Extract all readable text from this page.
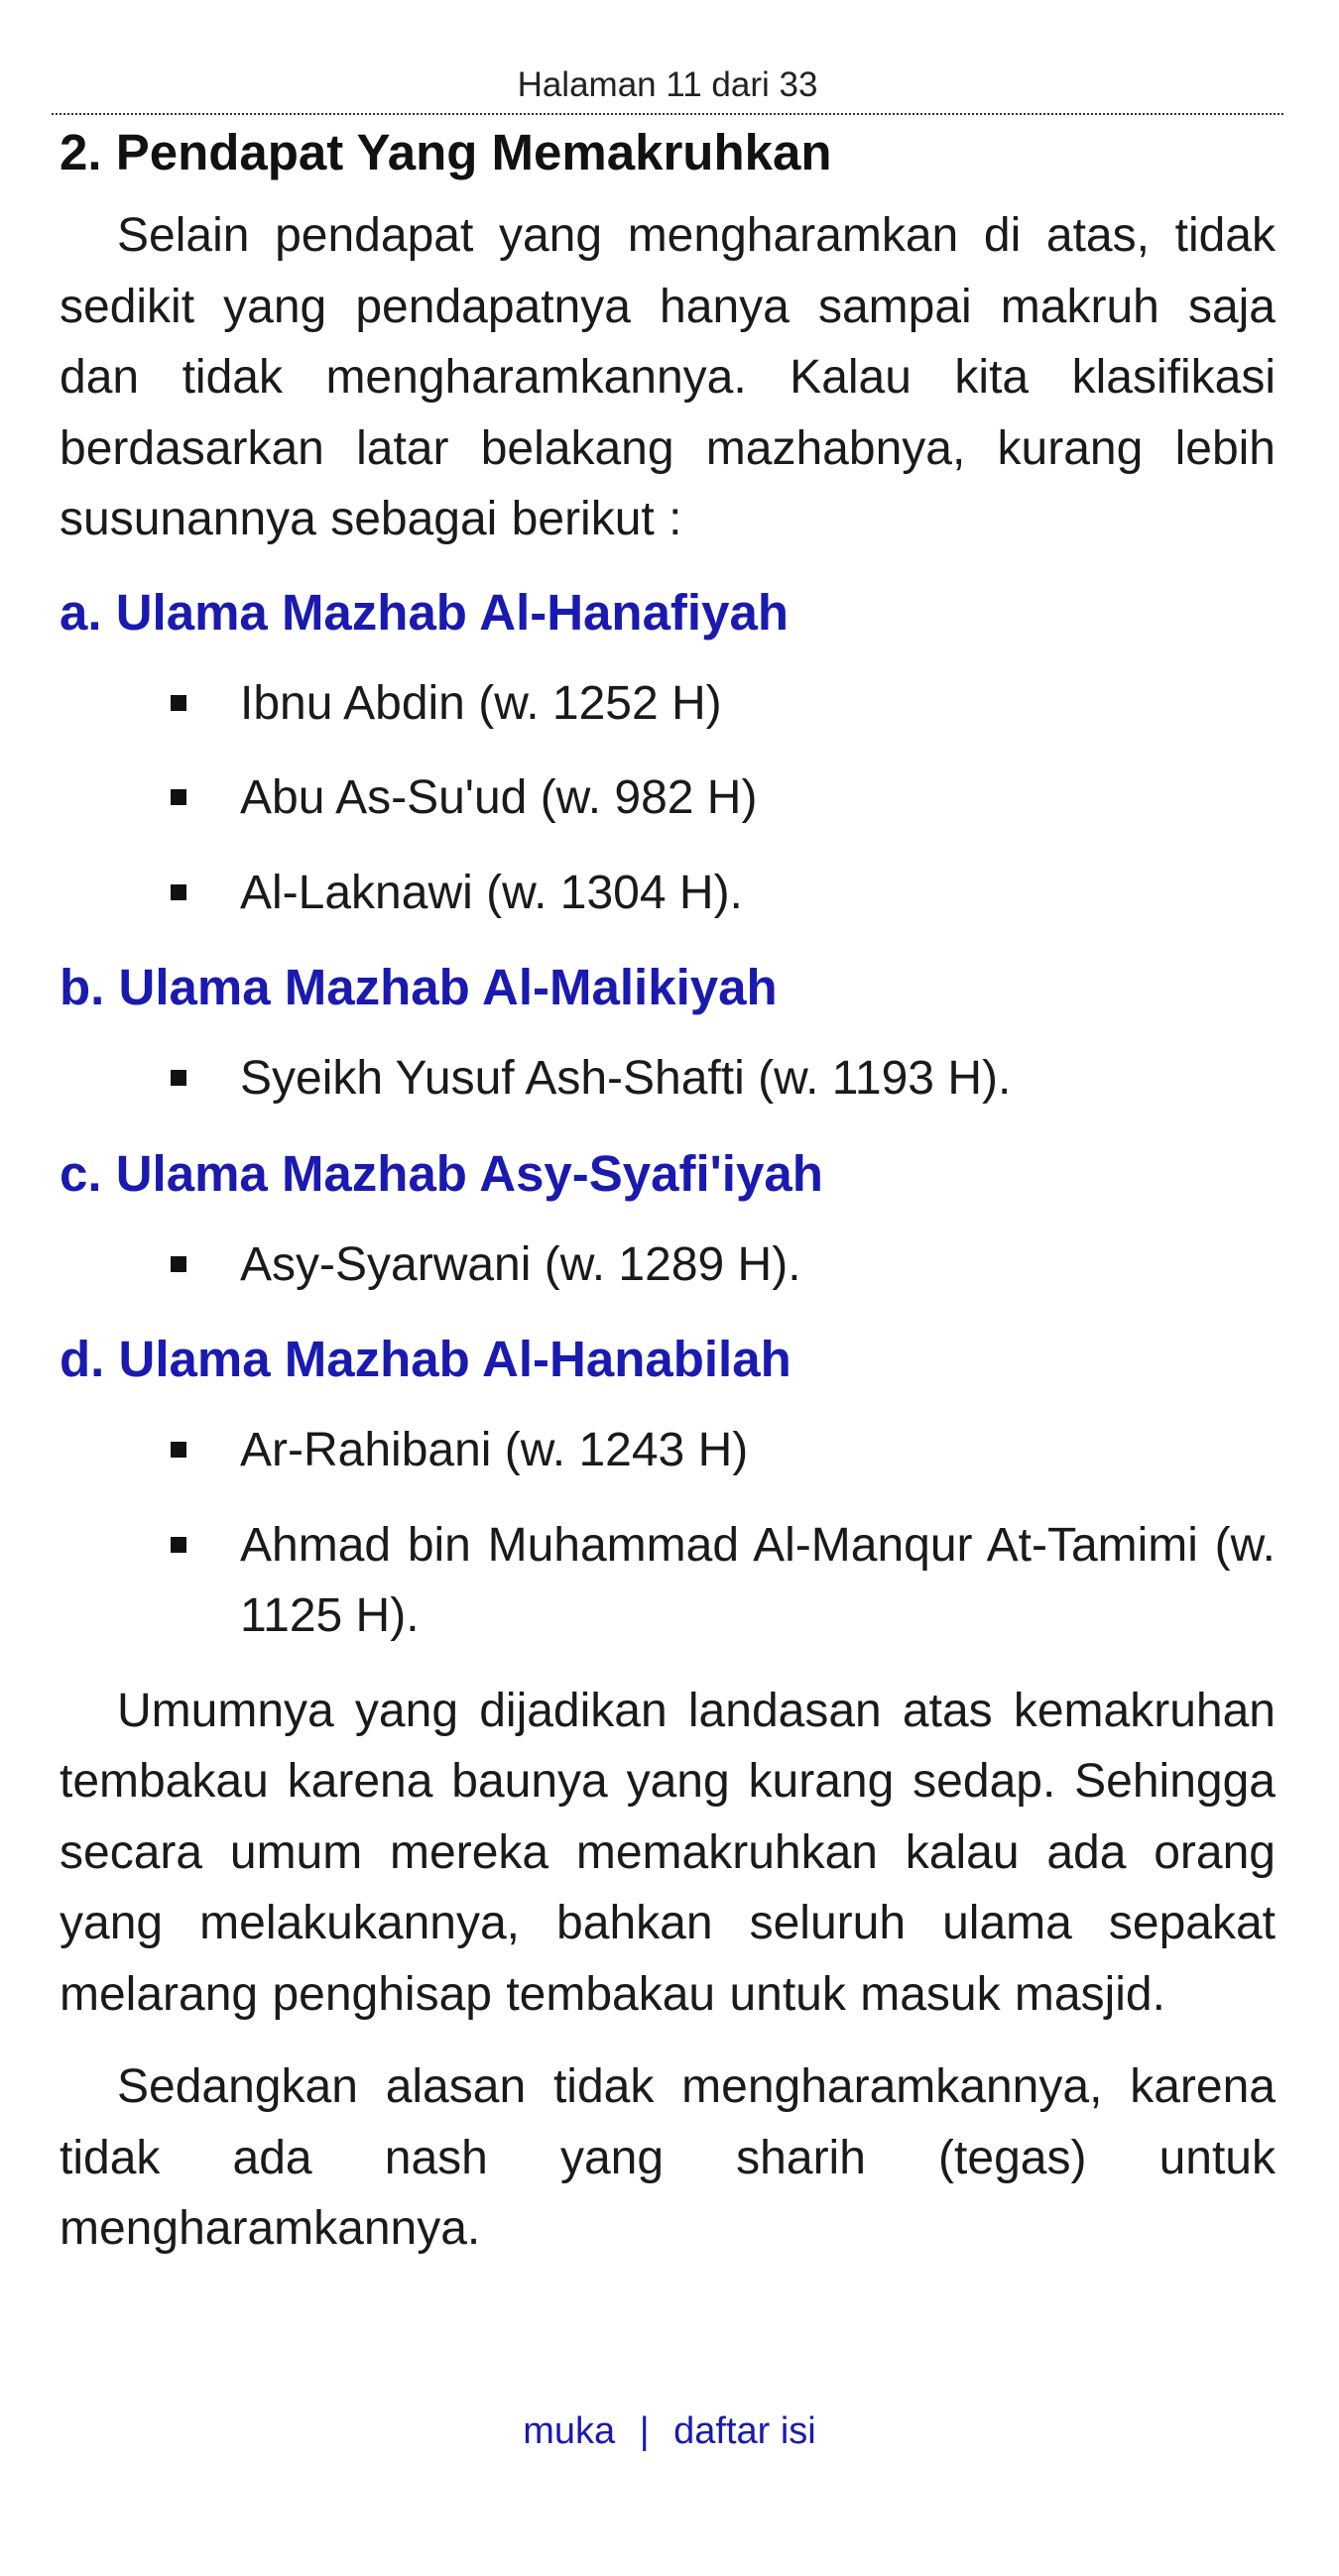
Halaman 11 dari 33
2. Pendapat Yang Memakruhkan

Selain pendapat yang mengharamkan di atas, tidak sedikit yang pendapatnya hanya sampai makruh saja dan tidak mengharamkannya. Kalau kita klasifikasi berdasarkan latar belakang mazhabnya, kurang lebih susunannya sebagai berikut :

a. Ulama Mazhab Al-Hanafiyah
Ibnu Abdin (w. 1252 H)
Abu As-Su'ud (w. 982 H)
Al-Laknawi (w. 1304 H).
b. Ulama Mazhab Al-Malikiyah
Syeikh Yusuf Ash-Shafti (w. 1193 H).
c. Ulama Mazhab Asy-Syafi'iyah
Asy-Syarwani (w. 1289 H).
d. Ulama Mazhab Al-Hanabilah
Ar-Rahibani (w. 1243 H)
Ahmad bin Muhammad Al-Manqur At-Tamimi (w. 1125 H).

Umumnya yang dijadikan landasan atas kemakruhan tembakau karena baunya yang kurang sedap. Sehingga secara umum mereka memakruhkan kalau ada orang yang melakukannya, bahkan seluruh ulama sepakat melarang penghisap tembakau untuk masuk masjid.

Sedangkan alasan tidak mengharamkannya, karena tidak ada nash yang sharih (tegas) untuk mengharamkannya.

muka | daftar isi
